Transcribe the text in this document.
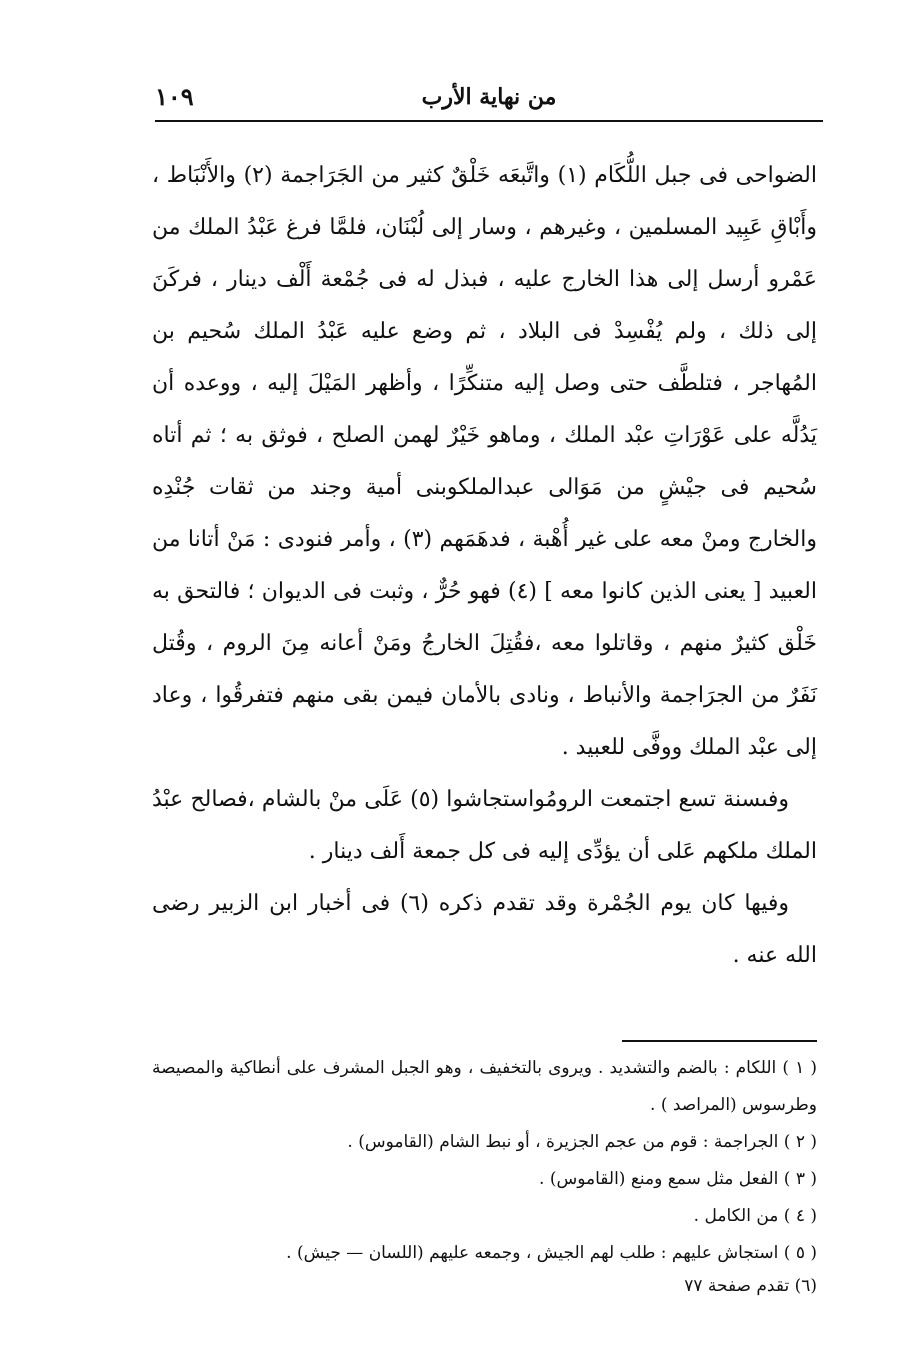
من نهاية الأرب
١٠٩

الضواحى فى جبل اللُّكَام (١) واتَّبعَه خَلْقٌ كثير من الجَرَاجمة (٢) والأَنْبَاط ، وأَبْاقِ عَبِيد المسلمين ، وغيرهم ، وسار إلى لُبْنَان، فلمَّا فرغ عَبْدُ الملك من عَمْرو أرسل إلى هذا الخارج عليه ، فبذل له فى جُمْعة أَلْف دينار ، فركَنَ إلى ذلك ، ولم يُفْسِدْ فى البلاد ، ثم وضع عليه عَبْدُ الملك سُحيم بن المُهاجر ، فتلطَّف حتى وصل إليه متنكِّرًا ، وأظهر المَيْلَ إليه ، ووعده أن يَدُلَّه على عَوْرَاتِ عبْد الملك ، وماهو خَيْرٌ لهمن الصلح ، فوثق به ؛ ثم أتاه سُحيم فى جيْشٍ من مَوَالى عبدالملكوبنى أمية وجند من ثقات جُنْدِه والخارج ومنْ معه على غير أُهْبة ، فدهَمَهم (٣) ، وأمر فنودى : مَنْ أتانا من العبيد [ يعنى الذين كانوا معه ] (٤) فهو حُرٌّ ، وثبت فى الديوان ؛ فالتحق به خَلْق كثيرٌ منهم ، وقاتلوا معه ،فقُتِلَ الخارجُ ومَنْ أعانه مِنَ الروم ، وقُتل نَفَرٌ من الجرَاجمة والأنباط ، ونادى بالأمان فيمن بقى منهم فتفرقُوا ، وعاد إلى عبْد الملك ووفَّى للعبيد .

وفىسنة تسع اجتمعت الرومُواستجاشوا (٥) عَلَى منْ بالشام ،فصالح عبْدُ الملك ملكهم عَلى أن يؤدِّى إليه فى كل جمعة أَلف دينار .

وفيها كان يوم الجُمْرة وقد تقدم ذكره (٦) فى أخبار ابن الزبير رضى الله عنه .

( ١ ) اللكام : بالضم والتشديد . ويروى بالتخفيف ، وهو الجبل المشرف على أنطاكية والمصيصة وطرسوس (المراصد ) .

( ٢ ) الجراجمة : قوم من عجم الجزيرة ، أو نبط الشام (القاموس) .

( ٣ ) الفعل مثل سمع ومنع (القاموس) .

( ٤ ) من الكامل .

( ٥ ) استجاش عليهم : طلب لهم الجيش ، وجمعه عليهم (اللسان — جيش) .

(٦) تقدم صفحة ٧٧
